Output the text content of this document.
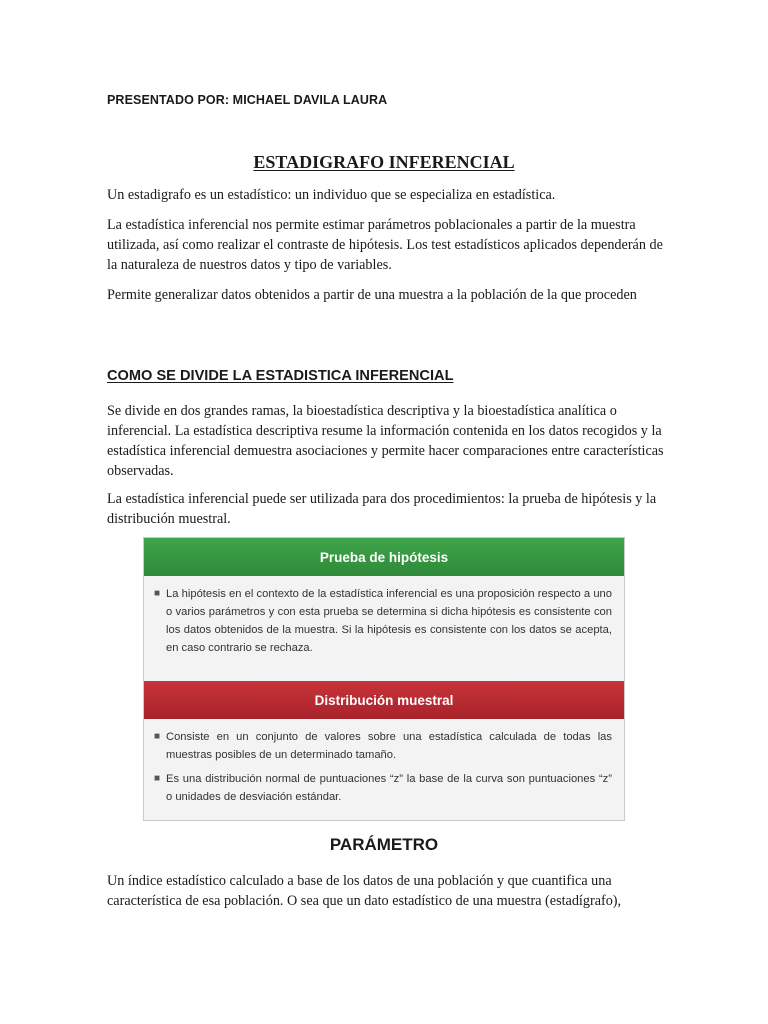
PRESENTADO POR: MICHAEL DAVILA LAURA
ESTADIGRAFO INFERENCIAL

Un estadigrafo es un estadístico: un individuo que se especializa en estadística.

La estadística inferencial nos permite estimar parámetros poblacionales a partir de la muestra utilizada, así como realizar el contraste de hipótesis. Los test estadísticos aplicados dependerán de la naturaleza de nuestros datos y tipo de variables.

Permite generalizar datos obtenidos a partir de una muestra a la población de la que proceden

COMO SE DIVIDE LA ESTADISTICA INFERENCIAL

Se divide en dos grandes ramas, la bioestadística descriptiva y la bioestadística analítica o inferencial. La estadística descriptiva resume la información contenida en los datos recogidos y la estadística inferencial demuestra asociaciones y permite hacer comparaciones entre características observadas.

La estadística inferencial puede ser utilizada para dos procedimientos: la prueba de hipótesis y la distribución muestral.

Prueba de hipótesis
■ La hipótesis en el contexto de la estadística inferencial es una proposición respecto a uno o varios parámetros y con esta prueba se determina si dicha hipótesis es consistente con los datos obtenidos de la muestra. Si la hipótesis es consistente con los datos se acepta, en caso contrario se rechaza.
Distribución muestral
■ Consiste en un conjunto de valores sobre una estadística calculada de todas las muestras posibles de un determinado tamaño.
■ Es una distribución normal de puntuaciones “z” la base de la curva son puntuaciones “z” o unidades de desviación estándar.
PARÁMETRO

Un índice estadístico calculado a base de los datos de una población y que cuantifica una característica de esa población. O sea que un dato estadístico de una muestra (estadígrafo),
